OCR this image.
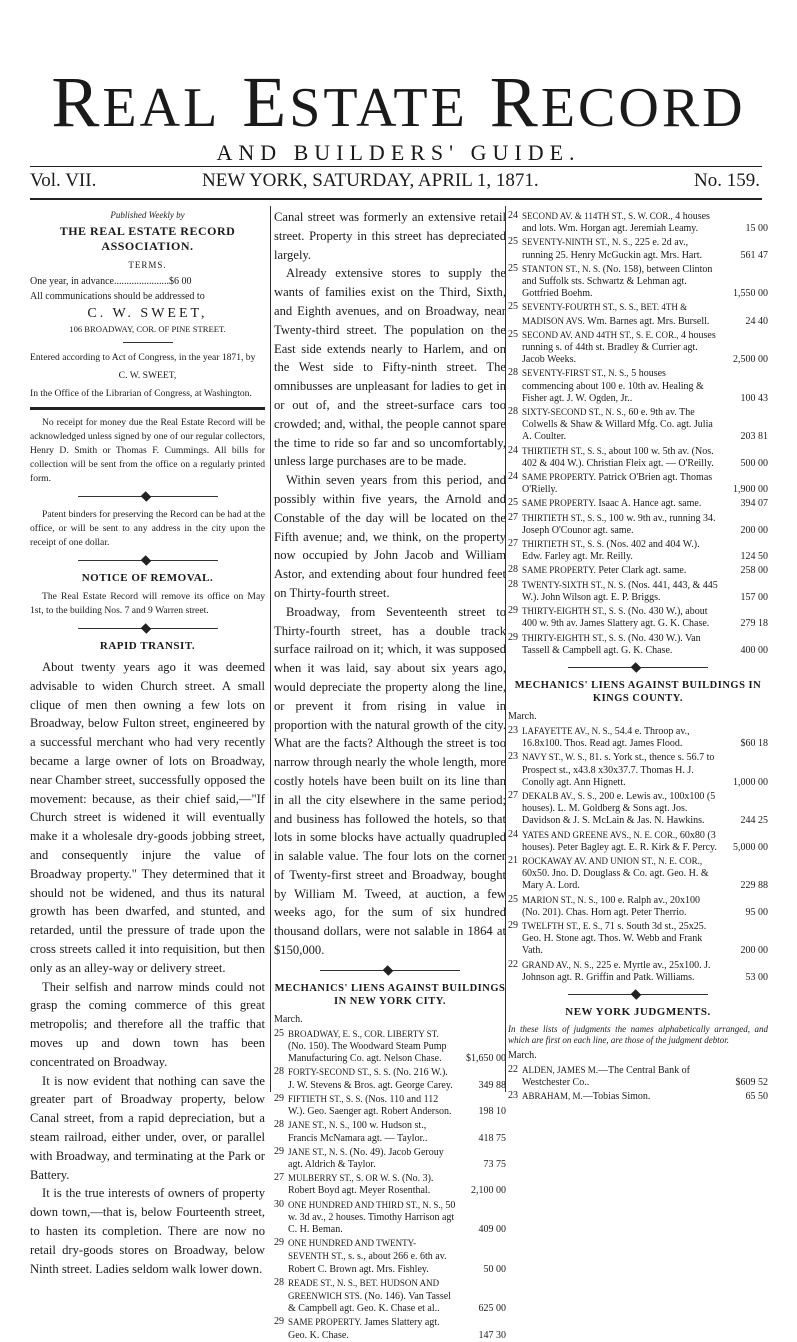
REAL ESTATE RECORD
AND BUILDERS' GUIDE.
Vol. VII.	NEW YORK, SATURDAY, APRIL 1, 1871.	No. 159.

Published Weekly by

THE REAL ESTATE RECORD ASSOCIATION.

TERMS.

One year, in advance......................$6 00

All communications should be addressed to

C. W. SWEET,

106 BROADWAY, COR. OF PINE STREET.

Entered according to Act of Congress, in the year 1871, by

C. W. SWEET,

In the Office of the Librarian of Congress, at Washington.

No receipt for money due the Real Estate Record will be acknowledged unless signed by one of our regular collectors, Henry D. Smith or Thomas F. Cummings. All bills for collection will be sent from the office on a regularly printed form.

Patent binders for preserving the Record can be had at the office, or will be sent to any address in the city upon the receipt of one dollar.

NOTICE OF REMOVAL.

The Real Estate Record will remove its office on May 1st, to the building Nos. 7 and 9 Warren street.

RAPID TRANSIT.

About twenty years ago it was deemed advisable to widen Church street. A small clique of men then owning a few lots on Broadway, below Fulton street, engineered by a successful merchant who had very recently became a large owner of lots on Broadway, near Chamber street, successfully opposed the movement: because, as their chief said,—"If Church street is widened it will eventually make it a wholesale dry-goods jobbing street, and consequently injure the value of Broadway property." They determined that it should not be widened, and thus its natural growth has been dwarfed, and stunted, and retarded, until the pressure of trade upon the cross streets called it into requisition, but then only as an alley-way or delivery street.

Their selfish and narrow minds could not grasp the coming commerce of this great metropolis; and therefore all the traffic that moves up and down town has been concentrated on Broadway.

It is now evident that nothing can save the greater part of Broadway property, below Canal street, from a rapid depreciation, but a steam railroad, either under, over, or parallel with Broadway, and terminating at the Park or Battery.

It is the true interests of owners of property down town,—that is, below Fourteenth street, to hasten its completion. There are now no retail dry-goods stores on Broadway, below Ninth street. Ladies seldom walk lower down.

Canal street was formerly an extensive retail street. Property in this street has depreciated largely.

Already extensive stores to supply the wants of families exist on the Third, Sixth, and Eighth avenues, and on Broadway, near Twenty-third street. The population on the East side extends nearly to Harlem, and on the West side to Fifty-ninth street. The omnibusses are unpleasant for ladies to get in or out of, and the street-surface cars too crowded; and, withal, the people cannot spare the time to ride so far and so uncomfortably, unless large purchases are to be made.

Within seven years from this period, and possibly within five years, the Arnold and Constable of the day will be located on the Fifth avenue; and, we think, on the property now occupied by John Jacob and William Astor, and extending about four hundred feet on Thirty-fourth street.

Broadway, from Seventeenth street to Thirty-fourth street, has a double track surface railroad on it; which, it was supposed when it was laid, say about six years ago, would depreciate the property along the line, or prevent it from rising in value in proportion with the natural growth of the city. What are the facts? Although the street is too narrow through nearly the whole length, more costly hotels have been built on its line than in all the city elsewhere in the same period; and business has followed the hotels, so that lots in some blocks have actually quadrupled in salable value. The four lots on the corner of Twenty-first street and Broadway, bought by William M. Tweed, at auction, a few weeks ago, for the sum of six hundred thousand dollars, were not salable in 1864 at $150,000.

MECHANICS' LIENS AGAINST BUILDINGS IN NEW YORK CITY.

March.

25 BROADWAY, E. S., COR. LIBERTY ST. (No. 150). The Woodward Steam Pump Manufacturing Co. agt. Nelson Chase.	$1,650 00
28 FORTY-SECOND ST., S. S. (No. 216 W.). J. W. Stevens & Bros. agt. George Carey.	349 88
29 FIFTIETH ST., S. S. (Nos. 110 and 112 W.). Geo. Saenger agt. Robert Anderson.	198 10
28 JANE ST., N. S., 100 w. Hudson st., Francis McNamara agt. — Taylor..	418 75
29 JANE ST., N. S. (No. 49). Jacob Gerouy agt. Aldrich & Taylor.	73 75
27 MULBERRY ST., S. OR W. S. (No. 3). Robert Boyd agt. Meyer Rosenthal.	2,100 00
30 ONE HUNDRED AND THIRD ST., N. S., 50 w. 3d av., 2 houses. Timothy Harrison agt C. H. Beman.	409 00
29 ONE HUNDRED AND TWENTY-SEVENTH ST., s. s., about 266 e. 6th av. Robert C. Brown agt. Mrs. Fishley.	50 00
28 READE ST., N. S., BET. HUDSON AND GREENWICH STS. (No. 146). Van Tassel & Campbell agt. Geo. K. Chase et al..	625 00
29 SAME PROPERTY. James Slattery agt. Geo. K. Chase.	147 30
24 SECOND AV. & 114TH ST., S. W. COR., 4 houses and lots. Wm. Horgan agt. Jeremiah Leamy.	15 00
25 SEVENTY-NINTH ST., N. S., 225 e. 2d av., running 25. Henry McGuckin agt. Mrs. Hart.	561 47
25 STANTON ST., N. S. (No. 158), between Clinton and Suffolk sts. Schwartz & Lehman agt. Gottfried Boehm.	1,550 00
25 SEVENTY-FOURTH ST., S. S., BET. 4TH & MADISON AVS. Wm. Barnes agt. Mrs. Bursell.	24 40
25 SECOND AV. AND 44TH ST., S. E. COR., 4 houses running s. of 44th st. Bradley & Currier agt. Jacob Weeks.	2,500 00
28 SEVENTY-FIRST ST., N. S., 5 houses commencing about 100 e. 10th av. Healing & Fisher agt. J. W. Ogden, Jr..	100 43
28 SIXTY-SECOND ST., N. S., 60 e. 9th av. The Colwells & Shaw & Willard Mfg. Co. agt. Julia A. Coulter.	203 81
24 THIRTIETH ST., S. S., about 100 w. 5th av. (Nos. 402 & 404 W.). Christian Fleix agt. — O'Reilly.	500 00
24 SAME PROPERTY. Patrick O'Brien agt. Thomas O'Rielly.	1,900 00
25 SAME PROPERTY. Isaac A. Hance agt. same.	394 07
27 THIRTIETH ST., S. S., 100 w. 9th av., running 34. Joseph O'Counor agt. same.	200 00
27 THIRTIETH ST., S. S. (Nos. 402 and 404 W.). Edw. Farley agt. Mr. Reilly.	124 50
28 SAME PROPERTY. Peter Clark agt. same.	258 00
28 TWENTY-SIXTH ST., N. S. (Nos. 441, 443, & 445 W.). John Wilson agt. E. P. Briggs.	157 00
29 THIRTY-EIGHTH ST., S. S. (No. 430 W.), about 400 w. 9th av. James Slattery agt. G. K. Chase.	279 18
29 THIRTY-EIGHTH ST., S. S. (No. 430 W.). Van Tassell & Campbell agt. G. K. Chase.	400 00

MECHANICS' LIENS AGAINST BUILDINGS IN KINGS COUNTY.

March.

23 LAFAYETTE AV., N. S., 54.4 e. Throop av., 16.8x100. Thos. Read agt. James Flood.	$60 18
23 NAVY ST., W. S., 81. s. York st., thence s. 56.7 to Prospect st., x43.8 x30x37.7. Thomas H. J. Conolly agt. Ann Hignett.	1,000 00
27 DEKALB AV., S. S., 200 e. Lewis av., 100x100 (5 houses). L. M. Goldberg & Sons agt. Jos. Davidson & J. S. McLain & Jas. N. Hawkins.	244 25
24 YATES AND GREENE AVS., N. E. COR., 60x80 (3 houses). Peter Bagley agt. E. R. Kirk & F. Percy.	5,000 00
21 ROCKAWAY AV. AND UNION ST., N. E. COR., 60x50. Jno. D. Douglass & Co. agt. Geo. H. & Mary A. Lord.	229 88
25 MARION ST., N. S., 100 e. Ralph av., 20x100 (No. 201). Chas. Horn agt. Peter Therrio.	95 00
29 TWELFTH ST., E. S., 71 s. South 3d st., 25x25. Geo. H. Stone agt. Thos. W. Webb and Frank Vath.	200 00
22 GRAND AV., N. S., 225 e. Myrtle av., 25x100. J. Johnson agt. R. Griffin and Patk. Williams.	53 00

NEW YORK JUDGMENTS.

In these lists of judgments the names alphabetically arranged, and which are first on each line, are those of the judgment debtor.

March.

22 ALDEN, JAMES M.—The Central Bank of Westchester Co..	$609 52
23 ABRAHAM, M.—Tobias Simon.	65 50
